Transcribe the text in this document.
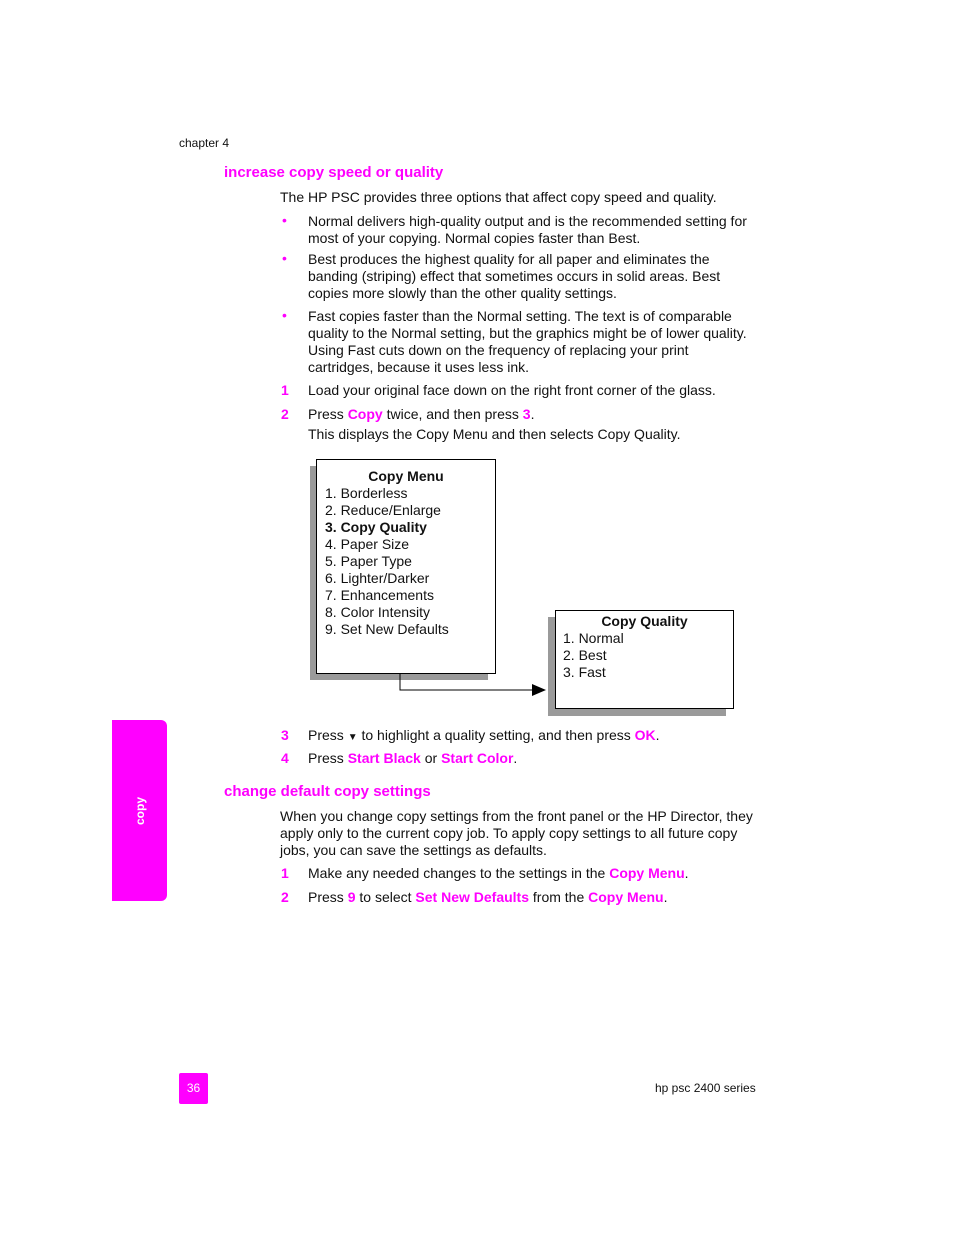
chapter 4
increase copy speed or quality
The HP PSC provides three options that affect copy speed and quality.
• Normal delivers high-quality output and is the recommended setting for most of your copying. Normal copies faster than Best.
• Best produces the highest quality for all paper and eliminates the banding (striping) effect that sometimes occurs in solid areas. Best copies more slowly than the other quality settings.
• Fast copies faster than the Normal setting. The text is of comparable quality to the Normal setting, but the graphics might be of lower quality. Using Fast cuts down on the frequency of replacing your print cartridges, because it uses less ink.
1 Load your original face down on the right front corner of the glass.
2 Press Copy twice, and then press 3.
This displays the Copy Menu and then selects Copy Quality.
Copy Menu
1. Borderless
2. Reduce/Enlarge
3. Copy Quality
4. Paper Size
5. Paper Type
6. Lighter/Darker
7. Enhancements
8. Color Intensity
9. Set New Defaults	Copy Quality
1. Normal
2. Best
3. Fast
3 Press ▼ to highlight a quality setting, and then press OK.
4 Press Start Black or Start Color.
change default copy settings
When you change copy settings from the front panel or the HP Director, they apply only to the current copy job. To apply copy settings to all future copy jobs, you can save the settings as defaults.
1 Make any needed changes to the settings in the Copy Menu.
2 Press 9 to select Set New Defaults from the Copy Menu.
copy
36	hp psc 2400 series
